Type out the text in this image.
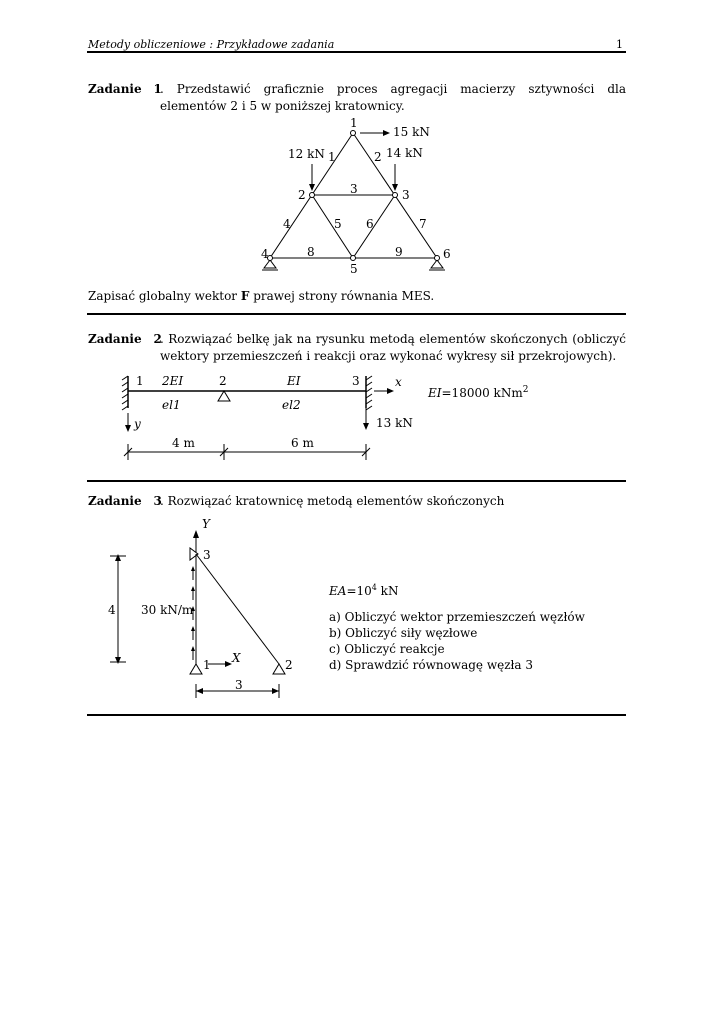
Metody obliczeniowe : Przykładowe zadania	1
Zadanie 1
. Przedstawić graficznie proces agregacji macierzy sztywności dla elementów 2 i 5 w poniższej kratownicy.
1
2	3
4
5
6
1	2
3
4	5 6	7
8	9
15 kN
12 kN	14 kN
Zapisać globalny wektor F prawej strony równania MES.
Zadanie 2
. Rozwiązać belkę jak na rysunku metodą elementów skończonych (obliczyć wektory przemieszczeń i reakcji oraz wykonać wykresy sił przekrojowych).
1	2	3
2EI	EI
el1	el2
x
y	13 kN
4 m	6 m
EI=18000 kNm$^2$
Zadanie 3
. Rozwiązać kratownicę metodą elementów skończonych
Y
X
1	2
3
4
3
30 kN/m
$EA=10^4$ kN
a) Obliczyć wektor przemieszczeń węzłów
b) Obliczyć siły węzłowe
c) Obliczyć reakcje
d) Sprawdzić równowagę węzła 3
